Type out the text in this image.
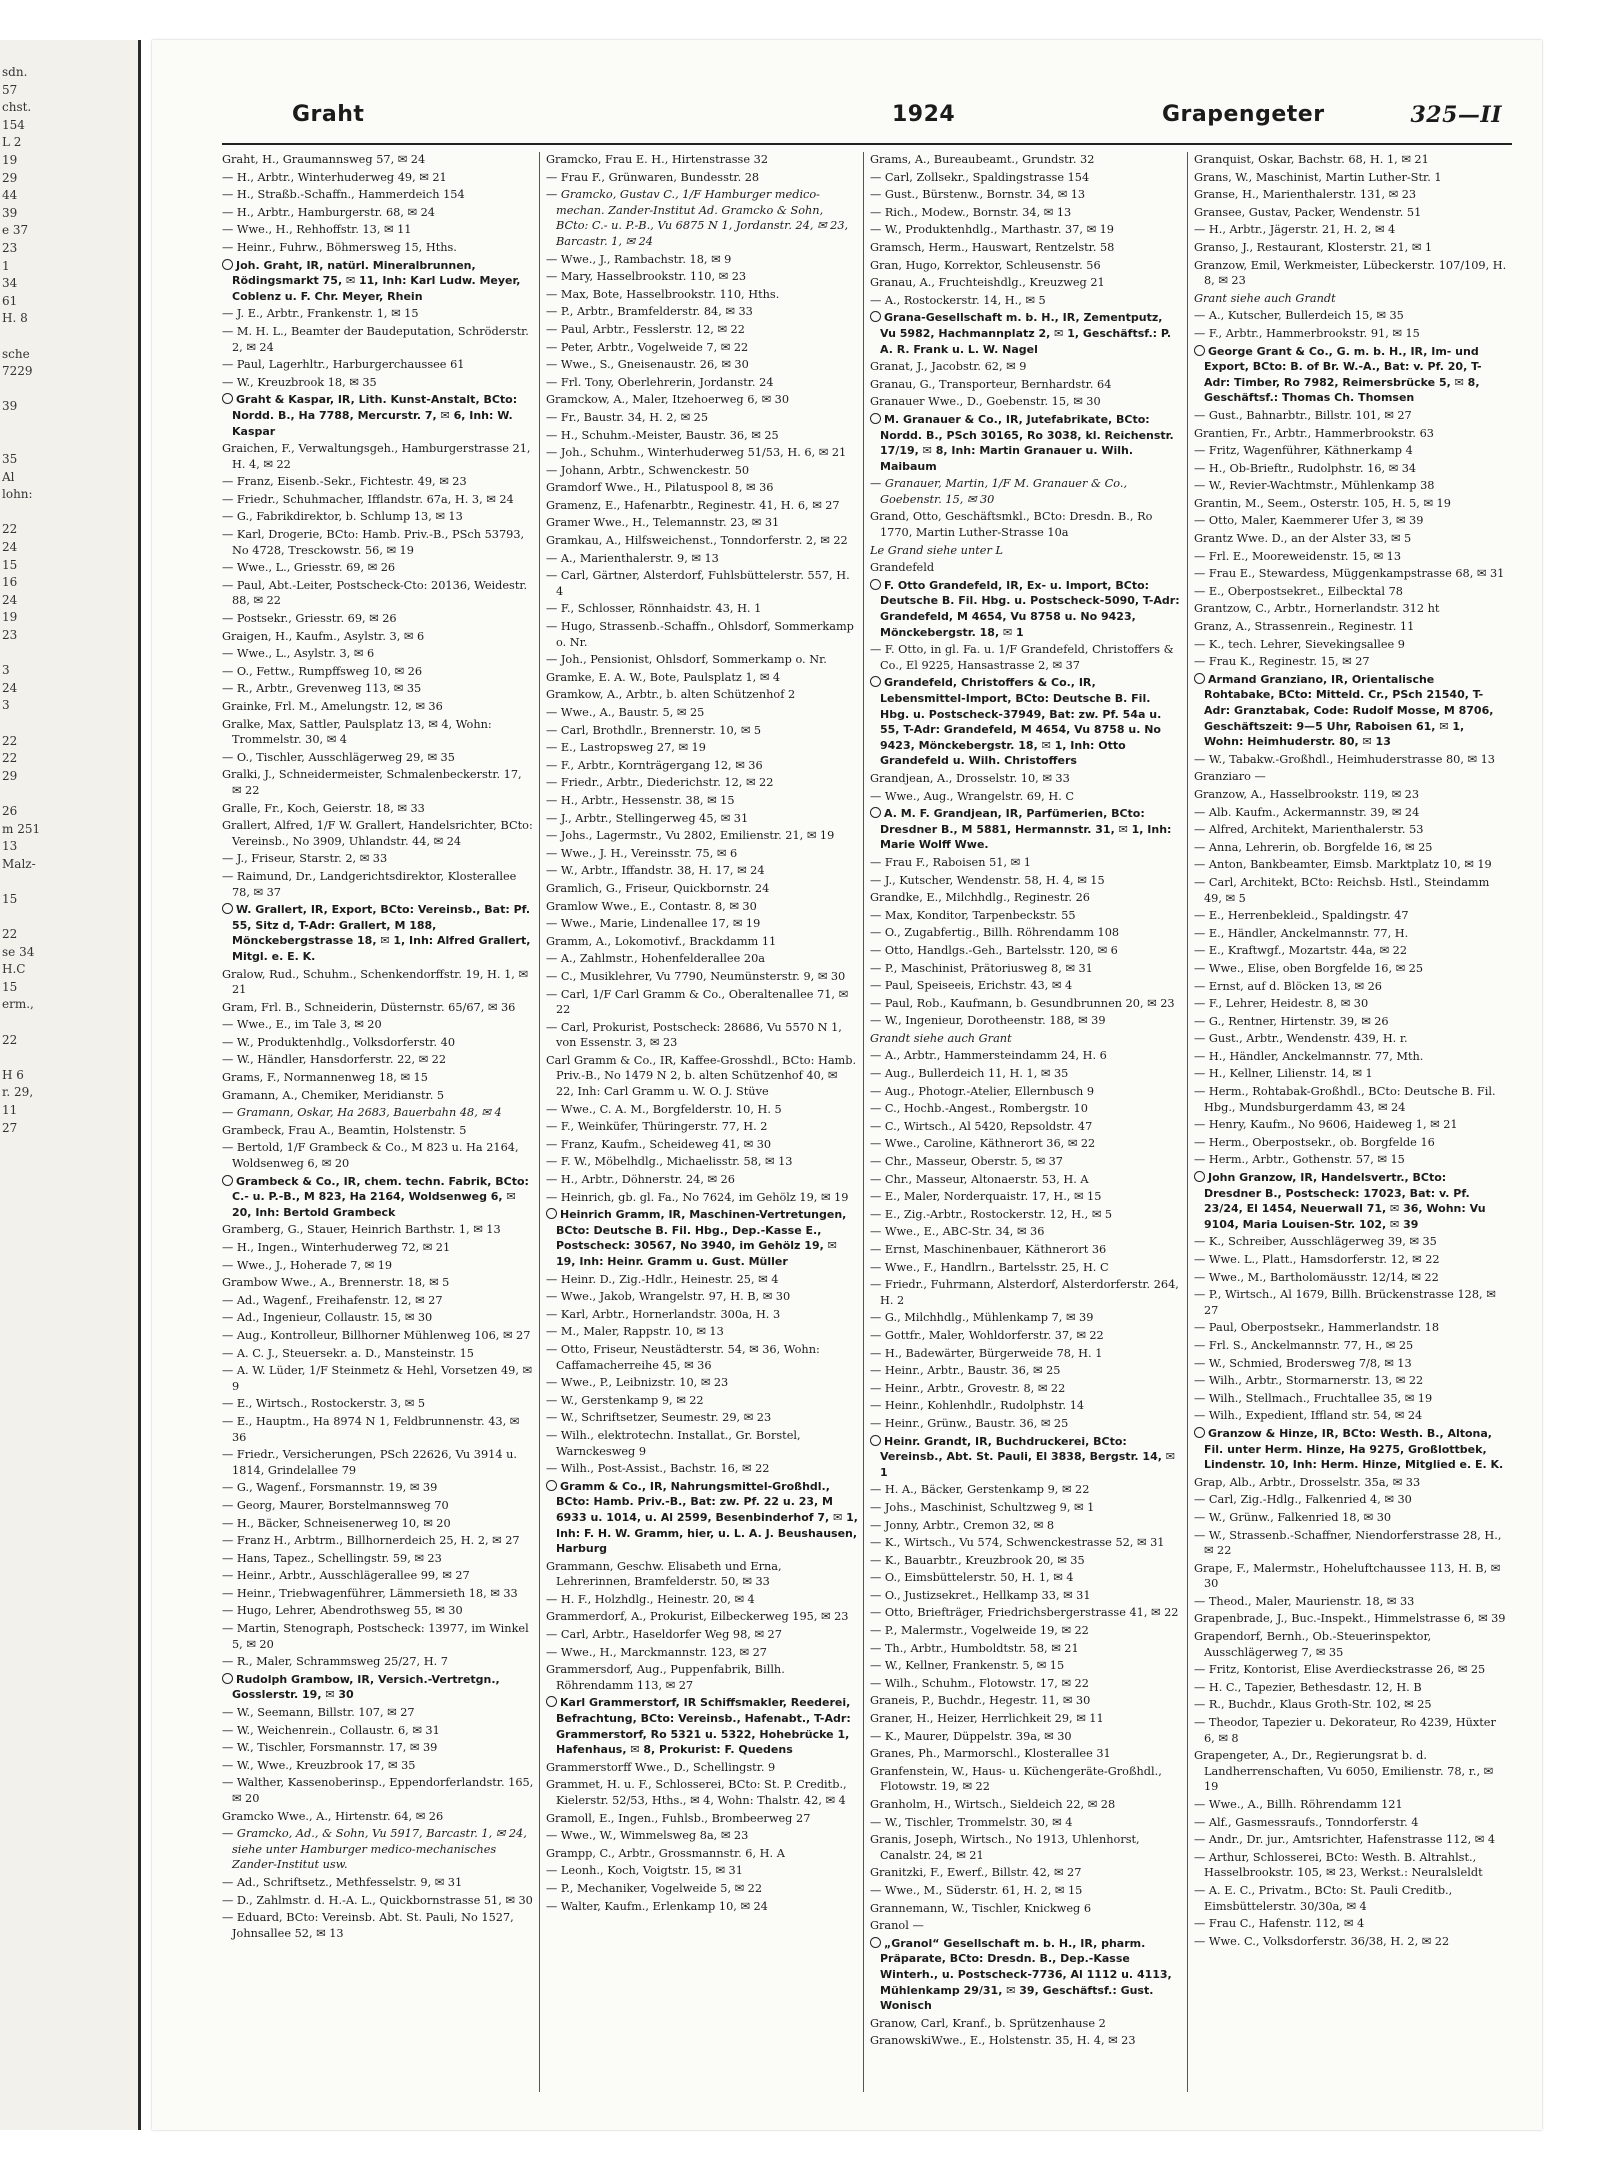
sdn.
57
chst.
154
L 2
19
29
44
39
e 37
23
1
34
61
H. 8

sche
7229

39

35
Al
lohn:

22
24
15
16
24
19
23

3
24
3

22
22
29

26
m 251
13
Malz-

15

22
se 34
H.C
15
erm.,

22

H 6
r. 29,
11
27
Graht	1924	Grapengeter	325—II
Graht, H., Graumannsweg 57, ✉ 24
— H., Arbtr., Winterhuderweg 49, ✉ 21
— H., Straßb.-Schaffn., Hammerdeich 154
— H., Arbtr., Hamburgerstr. 68, ✉ 24
— Wwe., H., Rehhoffstr. 13, ✉ 11
— Heinr., Fuhrw., Böhmersweg 15, Hths.
Joh. Graht, IR, natürl. Mineralbrunnen, Rödingsmarkt 75, ✉ 11, Inh: Karl Ludw. Meyer, Coblenz u. F. Chr. Meyer, Rhein
— J. E., Arbtr., Frankenstr. 1, ✉ 15
— M. H. L., Beamter der Baudeputation, Schröderstr. 2, ✉ 24
— Paul, Lagerhltr., Harburgerchaussee 61
— W., Kreuzbrook 18, ✉ 35
Graht & Kaspar, IR, Lith. Kunst-Anstalt, BCto: Nordd. B., Ha 7788, Mercurstr. 7, ✉ 6, Inh: W. Kaspar
Graichen, F., Verwaltungsgeh., Hamburgerstrasse 21, H. 4, ✉ 22
— Franz, Eisenb.-Sekr., Fichtestr. 49, ✉ 23
— Friedr., Schuhmacher, Ifflandstr. 67a, H. 3, ✉ 24
— G., Fabrikdirektor, b. Schlump 13, ✉ 13
— Karl, Drogerie, BCto: Hamb. Priv.-B., PSch 53793, No 4728, Tresckowstr. 56, ✉ 19
— Wwe., L., Griesstr. 69, ✉ 26
— Paul, Abt.-Leiter, Postscheck-Cto: 20136, Weidestr. 88, ✉ 22
— Postsekr., Griesstr. 69, ✉ 26
Graigen, H., Kaufm., Asylstr. 3, ✉ 6
— Wwe., L., Asylstr. 3, ✉ 6
— O., Fettw., Rumpffsweg 10, ✉ 26
— R., Arbtr., Grevenweg 113, ✉ 35
Grainke, Frl. M., Amelungstr. 12, ✉ 36
Gralke, Max, Sattler, Paulsplatz 13, ✉ 4, Wohn: Trommelstr. 30, ✉ 4
— O., Tischler, Ausschlägerweg 29, ✉ 35
Gralki, J., Schneidermeister, Schmalenbeckerstr. 17, ✉ 22
Gralle, Fr., Koch, Geierstr. 18, ✉ 33
Grallert, Alfred, 1/F W. Grallert, Handelsrichter, BCto: Vereinsb., No 3909, Uhlandstr. 44, ✉ 24
— J., Friseur, Starstr. 2, ✉ 33
— Raimund, Dr., Landgerichtsdirektor, Klosterallee 78, ✉ 37
W. Grallert, IR, Export, BCto: Vereinsb., Bat: Pf. 55, Sitz d, T-Adr: Grallert, M 188, Mönckebergstrasse 18, ✉ 1, Inh: Alfred Grallert, Mitgl. e. E. K.
Gralow, Rud., Schuhm., Schenkendorffstr. 19, H. 1, ✉ 21
Gram, Frl. B., Schneiderin, Düsternstr. 65/67, ✉ 36
— Wwe., E., im Tale 3, ✉ 20
— W., Produktenhdlg., Volksdorferstr. 40
— W., Händler, Hansdorferstr. 22, ✉ 22
Grams, F., Normannenweg 18, ✉ 15
Gramann, A., Chemiker, Meridianstr. 5
— Gramann, Oskar, Ha 2683, Bauerbahn 48, ✉ 4
Grambeck, Frau A., Beamtin, Holstenstr. 5
— Bertold, 1/F Grambeck & Co., M 823 u. Ha 2164, Woldsenweg 6, ✉ 20
Grambeck & Co., IR, chem. techn. Fabrik, BCto: C.- u. P.-B., M 823, Ha 2164, Woldsenweg 6, ✉ 20, Inh: Bertold Grambeck
Gramberg, G., Stauer, Heinrich Barthstr. 1, ✉ 13
— H., Ingen., Winterhuderweg 72, ✉ 21
— Wwe., J., Hoherade 7, ✉ 19
Grambow Wwe., A., Brennerstr. 18, ✉ 5
— Ad., Wagenf., Freihafenstr. 12, ✉ 27
— Ad., Ingenieur, Collaustr. 15, ✉ 30
— Aug., Kontrolleur, Billhorner Mühlenweg 106, ✉ 27
— A. C. J., Steuersekr. a. D., Mansteinstr. 15
— A. W. Lüder, 1/F Steinmetz & Hehl, Vorsetzen 49, ✉ 9
— E., Wirtsch., Rostockerstr. 3, ✉ 5
— E., Hauptm., Ha 8974 N 1, Feldbrunnenstr. 43, ✉ 36
— Friedr., Versicherungen, PSch 22626, Vu 3914 u. 1814, Grindelallee 79
— G., Wagenf., Forsmannstr. 19, ✉ 39
— Georg, Maurer, Borstelmannsweg 70
— H., Bäcker, Schneisenerweg 10, ✉ 20
— Franz H., Arbtrm., Billhornerdeich 25, H. 2, ✉ 27
— Hans, Tapez., Schellingstr. 59, ✉ 23
— Heinr., Arbtr., Ausschlägerallee 99, ✉ 27
— Heinr., Triebwagenführer, Lämmersieth 18, ✉ 33
— Hugo, Lehrer, Abendrothsweg 55, ✉ 30
— Martin, Stenograph, Postscheck: 13977, im Winkel 5, ✉ 20
— R., Maler, Schrammsweg 25/27, H. 7
Rudolph Grambow, IR, Versich.-Vertretgn., Gosslerstr. 19, ✉ 30
— W., Seemann, Billstr. 107, ✉ 27
— W., Weichenrein., Collaustr. 6, ✉ 31
— W., Tischler, Forsmannstr. 17, ✉ 39
— W., Wwe., Kreuzbrook 17, ✉ 35
— Walther, Kassenoberinsp., Eppendorferlandstr. 165, ✉ 20
Gramcko Wwe., A., Hirtenstr. 64, ✉ 26
— Gramcko, Ad., & Sohn, Vu 5917, Barcastr. 1, ✉ 24, siehe unter Hamburger medico-mechanisches Zander-Institut usw.
— Ad., Schriftsetz., Methfesselstr. 9, ✉ 31
— D., Zahlmstr. d. H.-A. L., Quickbornstrasse 51, ✉ 30
— Eduard, BCto: Vereinsb. Abt. St. Pauli, No 1527, Johnsallee 52, ✉ 13
Gramcko, Frau E. H., Hirtenstrasse 32
— Frau F., Grünwaren, Bundesstr. 28
— Gramcko, Gustav C., 1/F Hamburger medico-mechan. Zander-Institut Ad. Gramcko & Sohn, BCto: C.- u. P.-B., Vu 6875 N 1, Jordanstr. 24, ✉ 23, Barcastr. 1, ✉ 24
— Wwe., J., Rambachstr. 18, ✉ 9
— Mary, Hasselbrookstr. 110, ✉ 23
— Max, Bote, Hasselbrookstr. 110, Hths.
— P., Arbtr., Bramfelderstr. 84, ✉ 33
— Paul, Arbtr., Fesslerstr. 12, ✉ 22
— Peter, Arbtr., Vogelweide 7, ✉ 22
— Wwe., S., Gneisenaustr. 26, ✉ 30
— Frl. Tony, Oberlehrerin, Jordanstr. 24
Gramckow, A., Maler, Itzehoerweg 6, ✉ 30
— Fr., Baustr. 34, H. 2, ✉ 25
— H., Schuhm.-Meister, Baustr. 36, ✉ 25
— Joh., Schuhm., Winterhuderweg 51/53, H. 6, ✉ 21
— Johann, Arbtr., Schwenckestr. 50
Gramdorf Wwe., H., Pilatuspool 8, ✉ 36
Gramenz, E., Hafenarbtr., Reginestr. 41, H. 6, ✉ 27
Gramer Wwe., H., Telemannstr. 23, ✉ 31
Gramkau, A., Hilfsweichenst., Tonndorferstr. 2, ✉ 22
— A., Marienthalerstr. 9, ✉ 13
— Carl, Gärtner, Alsterdorf, Fuhlsbüttelerstr. 557, H. 4
— F., Schlosser, Rönnhaidstr. 43, H. 1
— Hugo, Strassenb.-Schaffn., Ohlsdorf, Sommerkamp o. Nr.
— Joh., Pensionist, Ohlsdorf, Sommerkamp o. Nr.
Gramke, E. A. W., Bote, Paulsplatz 1, ✉ 4
Gramkow, A., Arbtr., b. alten Schützenhof 2
— Wwe., A., Baustr. 5, ✉ 25
— Carl, Brothdlr., Brennerstr. 10, ✉ 5
— E., Lastropsweg 27, ✉ 19
— F., Arbtr., Kornträgergang 12, ✉ 36
— Friedr., Arbtr., Diederichstr. 12, ✉ 22
— H., Arbtr., Hessenstr. 38, ✉ 15
— J., Arbtr., Stellingerweg 45, ✉ 31
— Johs., Lagermstr., Vu 2802, Emilienstr. 21, ✉ 19
— Wwe., J. H., Vereinsstr. 75, ✉ 6
— W., Arbtr., Iffandstr. 38, H. 17, ✉ 24
Gramlich, G., Friseur, Quickbornstr. 24
Gramlow Wwe., E., Contastr. 8, ✉ 30
— Wwe., Marie, Lindenallee 17, ✉ 19
Gramm, A., Lokomotivf., Brackdamm 11
— A., Zahlmstr., Hohenfelderallee 20a
— C., Musiklehrer, Vu 7790, Neumünsterstr. 9, ✉ 30
— Carl, 1/F Carl Gramm & Co., Oberaltenallee 71, ✉ 22
— Carl, Prokurist, Postscheck: 28686, Vu 5570 N 1, von Essenstr. 3, ✉ 23
Carl Gramm & Co., IR, Kaffee-Grosshdl., BCto: Hamb. Priv.-B., No 1479 N 2, b. alten Schützenhof 40, ✉ 22, Inh: Carl Gramm u. W. O. J. Stüve
— Wwe., C. A. M., Borgfelderstr. 10, H. 5
— F., Weinküfer, Thüringerstr. 77, H. 2
— Franz, Kaufm., Scheideweg 41, ✉ 30
— F. W., Möbelhdlg., Michaelisstr. 58, ✉ 13
— H., Arbtr., Döhnerstr. 24, ✉ 26
— Heinrich, gb. gl. Fa., No 7624, im Gehölz 19, ✉ 19
Heinrich Gramm, IR, Maschinen-Vertretungen, BCto: Deutsche B. Fil. Hbg., Dep.-Kasse E., Postscheck: 30567, No 3940, im Gehölz 19, ✉ 19, Inh: Heinr. Gramm u. Gust. Müller
— Heinr. D., Zig.-Hdlr., Heinestr. 25, ✉ 4
— Wwe., Jakob, Wrangelstr. 97, H. B, ✉ 30
— Karl, Arbtr., Hornerlandstr. 300a, H. 3
— M., Maler, Rappstr. 10, ✉ 13
— Otto, Friseur, Neustädterstr. 54, ✉ 36, Wohn: Caffamacherreihe 45, ✉ 36
— Wwe., P., Leibnizstr. 10, ✉ 23
— W., Gerstenkamp 9, ✉ 22
— W., Schriftsetzer, Seumestr. 29, ✉ 23
— Wilh., elektrotechn. Installat., Gr. Borstel, Warnckesweg 9
— Wilh., Post-Assist., Bachstr. 16, ✉ 22
Gramm & Co., IR, Nahrungsmittel-Großhdl., BCto: Hamb. Priv.-B., Bat: zw. Pf. 22 u. 23, M 6933 u. 1014, u. Al 2599, Besenbinderhof 7, ✉ 1, Inh: F. H. W. Gramm, hier, u. L. A. J. Beushausen, Harburg
Grammann, Geschw. Elisabeth und Erna, Lehrerinnen, Bramfelderstr. 50, ✉ 33
— H. F., Holzhdlg., Heinestr. 20, ✉ 4
Grammerdorf, A., Prokurist, Eilbeckerweg 195, ✉ 23
— Carl, Arbtr., Haseldorfer Weg 98, ✉ 27
— Wwe., H., Marckmannstr. 123, ✉ 27
Grammersdorf, Aug., Puppenfabrik, Billh. Röhrendamm 113, ✉ 27
Karl Grammerstorf, IR Schiffsmakler, Reederei, Befrachtung, BCto: Vereinsb., Hafenabt., T-Adr: Grammerstorf, Ro 5321 u. 5322, Hohebrücke 1, Hafenhaus, ✉ 8, Prokurist: F. Quedens
Grammerstorff Wwe., D., Schellingstr. 9
Grammet, H. u. F., Schlosserei, BCto: St. P. Creditb., Kielerstr. 52/53, Hths., ✉ 4, Wohn: Thalstr. 42, ✉ 4
Gramoll, E., Ingen., Fuhlsb., Brombeerweg 27
— Wwe., W., Wimmelsweg 8a, ✉ 23
Grampp, C., Arbtr., Grossmannstr. 6, H. A
— Leonh., Koch, Voigtstr. 15, ✉ 31
— P., Mechaniker, Vogelweide 5, ✉ 22
— Walter, Kaufm., Erlenkamp 10, ✉ 24
Grams, A., Bureaubeamt., Grundstr. 32
— Carl, Zollsekr., Spaldingstrasse 154
— Gust., Bürstenw., Bornstr. 34, ✉ 13
— Rich., Modew., Bornstr. 34, ✉ 13
— W., Produktenhdlg., Marthastr. 37, ✉ 19
Gramsch, Herm., Hauswart, Rentzelstr. 58
Gran, Hugo, Korrektor, Schleusenstr. 56
Granau, A., Fruchteishdlg., Kreuzweg 21
— A., Rostockerstr. 14, H., ✉ 5
Grana-Gesellschaft m. b. H., IR, Zementputz, Vu 5982, Hachmannplatz 2, ✉ 1, Geschäftsf.: P. A. R. Frank u. L. W. Nagel
Granat, J., Jacobstr. 62, ✉ 9
Granau, G., Transporteur, Bernhardstr. 64
Granauer Wwe., D., Goebenstr. 15, ✉ 30
M. Granauer & Co., IR, Jutefabrikate, BCto: Nordd. B., PSch 30165, Ro 3038, kl. Reichenstr. 17/19, ✉ 8, Inh: Martin Granauer u. Wilh. Maibaum
— Granauer, Martin, 1/F M. Granauer & Co., Goebenstr. 15, ✉ 30
Grand, Otto, Geschäftsmkl., BCto: Dresdn. B., Ro 1770, Martin Luther-Strasse 10a
Le Grand siehe unter L
Grandefeld
F. Otto Grandefeld, IR, Ex- u. Import, BCto: Deutsche B. Fil. Hbg. u. Postscheck-5090, T-Adr: Grandefeld, M 4654, Vu 8758 u. No 9423, Mönckebergstr. 18, ✉ 1
— F. Otto, in gl. Fa. u. 1/F Grandefeld, Christoffers & Co., El 9225, Hansastrasse 2, ✉ 37
Grandefeld, Christoffers & Co., IR, Lebensmittel-Import, BCto: Deutsche B. Fil. Hbg. u. Postscheck-37949, Bat: zw. Pf. 54a u. 55, T-Adr: Grandefeld, M 4654, Vu 8758 u. No 9423, Mönckebergstr. 18, ✉ 1, Inh: Otto Grandefeld u. Wilh. Christoffers
Grandjean, A., Drosselstr. 10, ✉ 33
— Wwe., Aug., Wrangelstr. 69, H. C
A. M. F. Grandjean, IR, Parfümerien, BCto: Dresdner B., M 5881, Hermannstr. 31, ✉ 1, Inh: Marie Wolff Wwe.
— Frau F., Raboisen 51, ✉ 1
— J., Kutscher, Wendenstr. 58, H. 4, ✉ 15
Grandke, E., Milchhdlg., Reginestr. 26
— Max, Konditor, Tarpenbeckstr. 55
— O., Zugabfertig., Billh. Röhrendamm 108
— Otto, Handlgs.-Geh., Bartelsstr. 120, ✉ 6
— P., Maschinist, Prätoriusweg 8, ✉ 31
— Paul, Speiseeis, Erichstr. 43, ✉ 4
— Paul, Rob., Kaufmann, b. Gesundbrunnen 20, ✉ 23
— W., Ingenieur, Dorotheenstr. 188, ✉ 39
Grandt siehe auch Grant
— A., Arbtr., Hammersteindamm 24, H. 6
— Aug., Bullerdeich 11, H. 1, ✉ 35
— Aug., Photogr.-Atelier, Ellernbusch 9
— C., Hochb.-Angest., Rombergstr. 10
— C., Wirtsch., Al 5420, Repsoldstr. 47
— Wwe., Caroline, Käthnerort 36, ✉ 22
— Chr., Masseur, Oberstr. 5, ✉ 37
— Chr., Masseur, Altonaerstr. 53, H. A
— E., Maler, Norderquaistr. 17, H., ✉ 15
— E., Zig.-Arbtr., Rostockerstr. 12, H., ✉ 5
— Wwe., E., ABC-Str. 34, ✉ 36
— Ernst, Maschinenbauer, Käthnerort 36
— Wwe., F., Handlrn., Bartelsstr. 25, H. C
— Friedr., Fuhrmann, Alsterdorf, Alsterdorferstr. 264, H. 2
— G., Milchhdlg., Mühlenkamp 7, ✉ 39
— Gottfr., Maler, Wohldorferstr. 37, ✉ 22
— H., Badewärter, Bürgerweide 78, H. 1
— Heinr., Arbtr., Baustr. 36, ✉ 25
— Heinr., Arbtr., Grovestr. 8, ✉ 22
— Heinr., Kohlenhdlr., Rudolphstr. 14
— Heinr., Grünw., Baustr. 36, ✉ 25
Heinr. Grandt, IR, Buchdruckerei, BCto: Vereinsb., Abt. St. Pauli, El 3838, Bergstr. 14, ✉ 1
— H. A., Bäcker, Gerstenkamp 9, ✉ 22
— Johs., Maschinist, Schultzweg 9, ✉ 1
— Jonny, Arbtr., Cremon 32, ✉ 8
— K., Wirtsch., Vu 574, Schwenckestrasse 52, ✉ 31
— K., Bauarbtr., Kreuzbrook 20, ✉ 35
— O., Eimsbüttelerstr. 50, H. 1, ✉ 4
— O., Justizsekret., Hellkamp 33, ✉ 31
— Otto, Briefträger, Friedrichsbergerstrasse 41, ✉ 22
— P., Malermstr., Vogelweide 19, ✉ 22
— Th., Arbtr., Humboldtstr. 58, ✉ 21
— W., Kellner, Frankenstr. 5, ✉ 15
— Wilh., Schuhm., Flotowstr. 17, ✉ 22
Graneis, P., Buchdr., Hegestr. 11, ✉ 30
Graner, H., Heizer, Herrlichkeit 29, ✉ 11
— K., Maurer, Düppelstr. 39a, ✉ 30
Granes, Ph., Marmorschl., Klosterallee 31
Granfenstein, W., Haus- u. Küchengeräte-Großhdl., Flotowstr. 19, ✉ 22
Granholm, H., Wirtsch., Sieldeich 22, ✉ 28
— W., Tischler, Trommelstr. 30, ✉ 4
Granis, Joseph, Wirtsch., No 1913, Uhlenhorst, Canalstr. 24, ✉ 21
Granitzki, F., Ewerf., Billstr. 42, ✉ 27
— Wwe., M., Süderstr. 61, H. 2, ✉ 15
Grannemann, W., Tischler, Knickweg 6
Granol —
„Granol“ Gesellschaft m. b. H., IR, pharm. Präparate, BCto: Dresdn. B., Dep.-Kasse Winterh., u. Postscheck-7736, Al 1112 u. 4113, Mühlenkamp 29/31, ✉ 39, Geschäftsf.: Gust. Wonisch
Granow, Carl, Kranf., b. Sprützenhause 2
GranowskiWwe., E., Holstenstr. 35, H. 4, ✉ 23
Granquist, Oskar, Bachstr. 68, H. 1, ✉ 21
Grans, W., Maschinist, Martin Luther-Str. 1
Granse, H., Marienthalerstr. 131, ✉ 23
Gransee, Gustav, Packer, Wendenstr. 51
— H., Arbtr., Jägerstr. 21, H. 2, ✉ 4
Granso, J., Restaurant, Klosterstr. 21, ✉ 1
Granzow, Emil, Werkmeister, Lübeckerstr. 107/109, H. 8, ✉ 23
Grant siehe auch Grandt
— A., Kutscher, Bullerdeich 15, ✉ 35
— F., Arbtr., Hammerbrookstr. 91, ✉ 15
George Grant & Co., G. m. b. H., IR, Im- und Export, BCto: B. of Br. W.-A., Bat: v. Pf. 20, T-Adr: Timber, Ro 7982, Reimersbrücke 5, ✉ 8, Geschäftsf.: Thomas Ch. Thomsen
— Gust., Bahnarbtr., Billstr. 101, ✉ 27
Grantien, Fr., Arbtr., Hammerbrookstr. 63
— Fritz, Wagenführer, Käthnerkamp 4
— H., Ob-Brieftr., Rudolphstr. 16, ✉ 34
— W., Revier-Wachtmstr., Mühlenkamp 38
Grantin, M., Seem., Osterstr. 105, H. 5, ✉ 19
— Otto, Maler, Kaemmerer Ufer 3, ✉ 39
Grantz Wwe. D., an der Alster 33, ✉ 5
— Frl. E., Mooreweidenstr. 15, ✉ 13
— Frau E., Stewardess, Müggenkampstrasse 68, ✉ 31
— E., Oberpostsekret., Eilbecktal 78
Grantzow, C., Arbtr., Hornerlandstr. 312 ht
Granz, A., Strassenrein., Reginestr. 11
— K., tech. Lehrer, Sievekingsallee 9
— Frau K., Reginestr. 15, ✉ 27
Armand Granziano, IR, Orientalische Rohtabake, BCto: Mitteld. Cr., PSch 21540, T-Adr: Granztabak, Code: Rudolf Mosse, M 8706, Geschäftszeit: 9—5 Uhr, Raboisen 61, ✉ 1, Wohn: Heimhuderstr. 80, ✉ 13
— W., Tabakw.-Großhdl., Heimhuderstrasse 80, ✉ 13
Granziaro —
Granzow, A., Hasselbrookstr. 119, ✉ 23
— Alb. Kaufm., Ackermannstr. 39, ✉ 24
— Alfred, Architekt, Marienthalerstr. 53
— Anna, Lehrerin, ob. Borgfelde 16, ✉ 25
— Anton, Bankbeamter, Eimsb. Marktplatz 10, ✉ 19
— Carl, Architekt, BCto: Reichsb. Hstl., Steindamm 49, ✉ 5
— E., Herrenbekleid., Spaldingstr. 47
— E., Händler, Anckelmannstr. 77, H.
— E., Kraftwgf., Mozartstr. 44a, ✉ 22
— Wwe., Elise, oben Borgfelde 16, ✉ 25
— Ernst, auf d. Blöcken 13, ✉ 26
— F., Lehrer, Heidestr. 8, ✉ 30
— G., Rentner, Hirtenstr. 39, ✉ 26
— Gust., Arbtr., Wendenstr. 439, H. r.
— H., Händler, Anckelmannstr. 77, Mth.
— H., Kellner, Lilienstr. 14, ✉ 1
— Herm., Rohtabak-Großhdl., BCto: Deutsche B. Fil. Hbg., Mundsburgerdamm 43, ✉ 24
— Henry, Kaufm., No 9606, Haideweg 1, ✉ 21
— Herm., Oberpostsekr., ob. Borgfelde 16
— Herm., Arbtr., Gothenstr. 57, ✉ 15
John Granzow, IR, Handelsvertr., BCto: Dresdner B., Postscheck: 17023, Bat: v. Pf. 23/24, El 1454, Neuerwall 71, ✉ 36, Wohn: Vu 9104, Maria Louisen-Str. 102, ✉ 39
— K., Schreiber, Ausschlägerweg 39, ✉ 35
— Wwe. L., Platt., Hamsdorferstr. 12, ✉ 22
— Wwe., M., Bartholomäusstr. 12/14, ✉ 22
— P., Wirtsch., Al 1679, Billh. Brückenstrasse 128, ✉ 27
— Paul, Oberpostsekr., Hammerlandstr. 18
— Frl. S., Anckelmannstr. 77, H., ✉ 25
— W., Schmied, Brodersweg 7/8, ✉ 13
— Wilh., Arbtr., Stormarnerstr. 13, ✉ 22
— Wilh., Stellmach., Fruchtallee 35, ✉ 19
— Wilh., Expedient, Iffland str. 54, ✉ 24
Granzow & Hinze, IR, BCto: Westh. B., Altona, Fil. unter Herm. Hinze, Ha 9275, Großlottbek, Lindenstr. 10, Inh: Herm. Hinze, Mitglied e. E. K.
Grap, Alb., Arbtr., Drosselstr. 35a, ✉ 33
— Carl, Zig.-Hdlg., Falkenried 4, ✉ 30
— W., Grünw., Falkenried 18, ✉ 30
— W., Strassenb.-Schaffner, Niendorferstrasse 28, H., ✉ 22
Grape, F., Malermstr., Hoheluftchaussee 113, H. B, ✉ 30
— Theod., Maler, Maurienstr. 18, ✉ 33
Grapenbrade, J., Buc.-Inspekt., Himmelstrasse 6, ✉ 39
Grapendorf, Bernh., Ob.-Steuerinspektor, Ausschlägerweg 7, ✉ 35
— Fritz, Kontorist, Elise Averdieckstrasse 26, ✉ 25
— H. C., Tapezier, Bethesdastr. 12, H. B
— R., Buchdr., Klaus Groth-Str. 102, ✉ 25
— Theodor, Tapezier u. Dekorateur, Ro 4239, Hüxter 6, ✉ 8
Grapengeter, A., Dr., Regierungsrat b. d. Landherrenschaften, Vu 6050, Emilienstr. 78, r., ✉ 19
— Wwe., A., Billh. Röhrendamm 121
— Alf., Gasmessraufs., Tonndorferstr. 4
— Andr., Dr. jur., Amtsrichter, Hafenstrasse 112, ✉ 4
— Arthur, Schlosserei, BCto: Westh. B. Altrahlst., Hasselbrookstr. 105, ✉ 23, Werkst.: Neuralsleldt
— A. E. C., Privatm., BCto: St. Pauli Creditb., Eimsbüttelerstr. 30/30a, ✉ 4
— Frau C., Hafenstr. 112, ✉ 4
— Wwe. C., Volksdorferstr. 36/38, H. 2, ✉ 22
